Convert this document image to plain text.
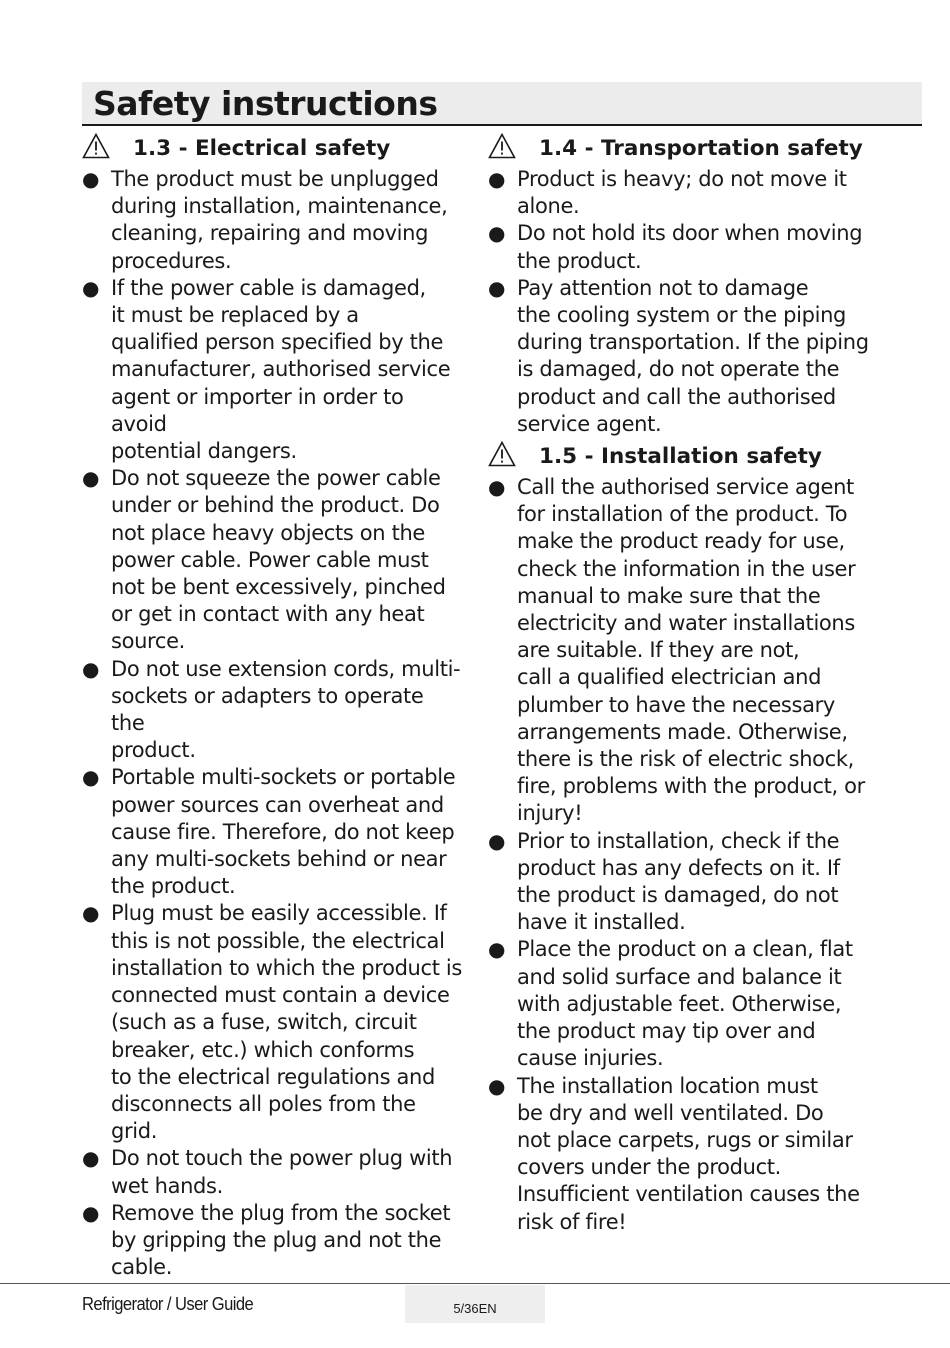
Safety instructions
1.3 - Electrical safety
● The product must be unplugged
during installation, maintenance,
cleaning, repairing and moving
procedures.
● If the power cable is damaged,
it must be replaced by a
qualified person specified by the
manufacturer, authorised service
agent or importer in order to avoid
potential dangers.
● Do not squeeze the power cable
under or behind the product. Do
not place heavy objects on the
power cable. Power cable must
not be bent excessively, pinched
or get in contact with any heat
source.
● Do not use extension cords, multi-
sockets or adapters to operate the
product.
● Portable multi-sockets or portable
power sources can overheat and
cause fire. Therefore, do not keep
any multi-sockets behind or near
the product.
● Plug must be easily accessible. If
this is not possible, the electrical
installation to which the product is
connected must contain a device
(such as a fuse, switch, circuit
breaker, etc.) which conforms
to the electrical regulations and
disconnects all poles from the grid.
● Do not touch the power plug with
wet hands.
● Remove the plug from the socket
by gripping the plug and not the
cable.
1.4 - Transportation safety
● Product is heavy; do not move it
alone.
● Do not hold its door when moving
the product.
● Pay attention not to damage
the cooling system or the piping
during transportation. If the piping
is damaged, do not operate the
product and call the authorised
service agent.
1.5 - Installation safety
● Call the authorised service agent
for installation of the product. To
make the product ready for use,
check the information in the user
manual to make sure that the
electricity and water installations
are suitable. If they are not,
call a qualified electrician and
plumber to have the necessary
arrangements made. Otherwise,
there is the risk of electric shock,
fire, problems with the product, or
injury!
● Prior to installation, check if the
product has any defects on it. If
the product is damaged, do not
have it installed.
● Place the product on a clean, flat
and solid surface and balance it
with adjustable feet. Otherwise,
the product may tip over and
cause injuries.
● The installation location must
be dry and well ventilated. Do
not place carpets, rugs or similar
covers under the product.
Insufficient ventilation causes the
risk of fire!
Refrigerator / User Guide	5/36EN
